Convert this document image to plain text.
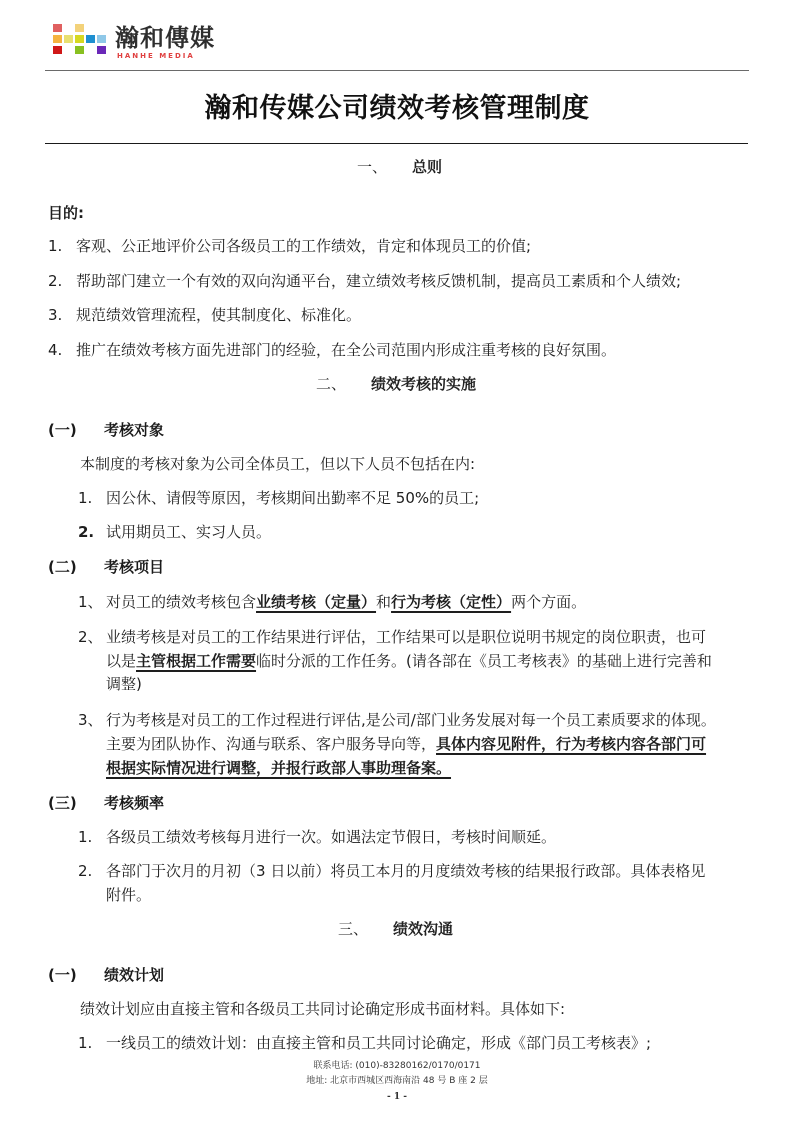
瀚和傳媒
HANHE MEDIA
瀚和传媒公司绩效考核管理制度
一、 总则
目的:
1. 客观、公正地评价公司各级员工的工作绩效，肯定和体现员工的价值;
2. 帮助部门建立一个有效的双向沟通平台，建立绩效考核反馈机制，提高员工素质和个人绩效;
3. 规范绩效管理流程，使其制度化、标准化。
4. 推广在绩效考核方面先进部门的经验，在全公司范围内形成注重考核的良好氛围。
二、 绩效考核的实施
(一) 考核对象
本制度的考核对象为公司全体员工，但以下人员不包括在内:
1. 因公休、请假等原因，考核期间出勤率不足 50%的员工;
2. 试用期员工、实习人员。
(二) 考核项目
1、 对员工的绩效考核包含业绩考核（定量）和行为考核（定性）两个方面。
2、 业绩考核是对员工的工作结果进行评估，工作结果可以是职位说明书规定的岗位职责，也可
以是主管根据工作需要临时分派的工作任务。(请各部在《员工考核表》的基础上进行完善和
调整)
3、 行为考核是对员工的工作过程进行评估,是公司/部门业务发展对每一个员工素质要求的体现。
主要为团队协作、沟通与联系、客户服务导向等，具体内容见附件，行为考核内容各部门可
根据实际情况进行调整，并报行政部人事助理备案。
(三) 考核频率
1. 各级员工绩效考核每月进行一次。如遇法定节假日，考核时间顺延。
2. 各部门于次月的月初（3 日以前）将员工本月的月度绩效考核的结果报行政部。具体表格见
附件。
三、 绩效沟通
(一) 绩效计划
绩效计划应由直接主管和各级员工共同讨论确定形成书面材料。具体如下:
1. 一线员工的绩效计划：由直接主管和员工共同讨论确定，形成《部门员工考核表》;
联系电话: (010)-83280162/0170/0171
地址: 北京市西城区西海南沿 48 号 B 座 2 层
- 1 -
